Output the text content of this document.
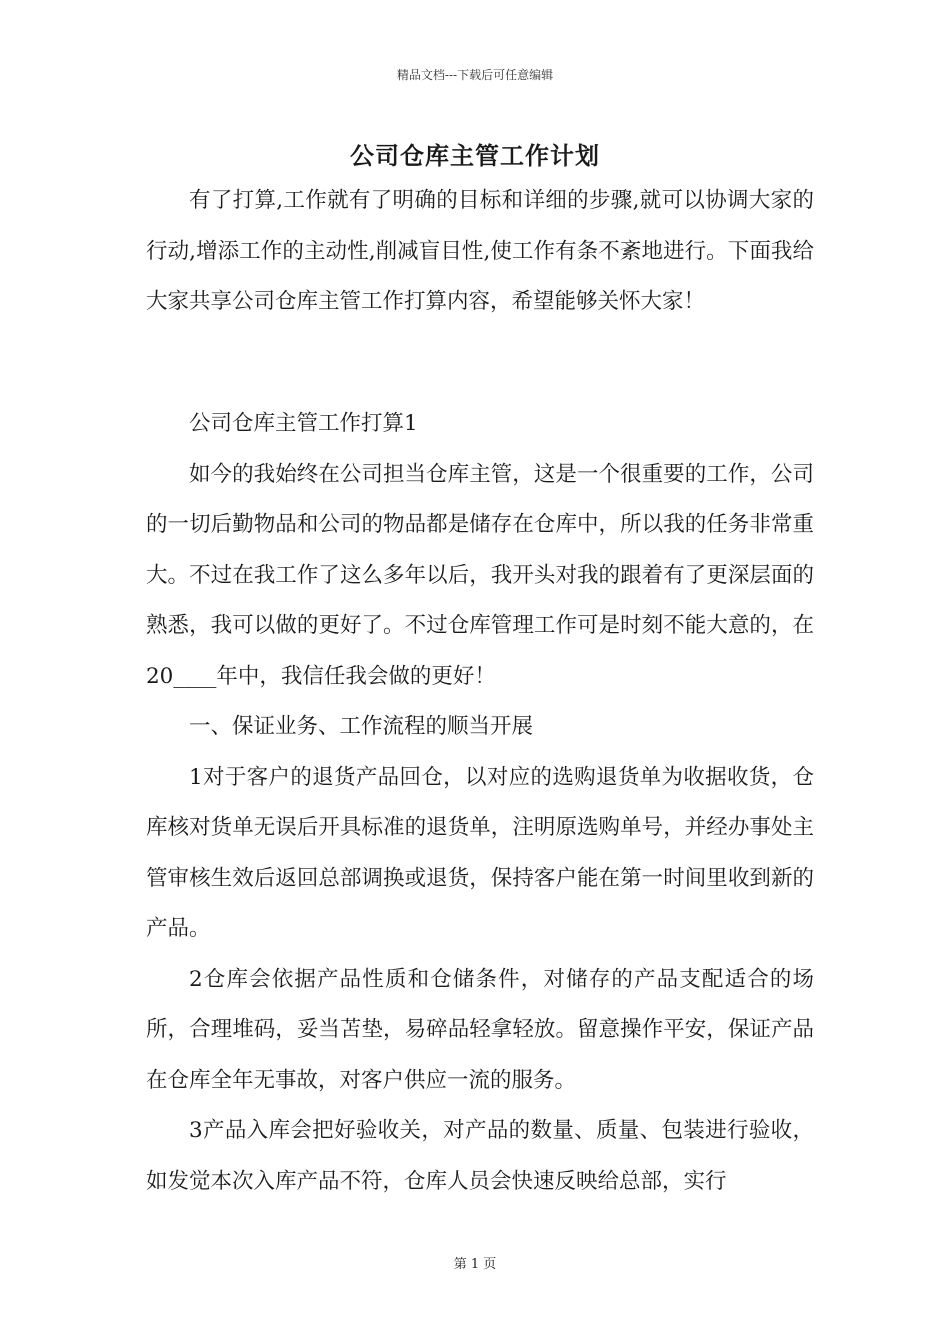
精品文档---下载后可任意编辑
公司仓库主管工作计划

有了打算,工作就有了明确的目标和详细的步骤,就可以协调大家的行动,增添工作的主动性,削减盲目性,使工作有条不紊地进行。下面我给大家共享公司仓库主管工作打算内容，希望能够关怀大家！

公司仓库主管工作打算1

如今的我始终在公司担当仓库主管，这是一个很重要的工作，公司的一切后勤物品和公司的物品都是储存在仓库中，所以我的任务非常重大。不过在我工作了这么多年以后，我开头对我的跟着有了更深层面的熟悉，我可以做的更好了。不过仓库管理工作可是时刻不能大意的，在20____年中，我信任我会做的更好！

一、保证业务、工作流程的顺当开展

1对于客户的退货产品回仓，以对应的选购退货单为收据收货，仓库核对货单无误后开具标准的退货单，注明原选购单号，并经办事处主管审核生效后返回总部调换或退货，保持客户能在第一时间里收到新的产品。

2仓库会依据产品性质和仓储条件，对储存的产品支配适合的场所，合理堆码，妥当苫垫，易碎品轻拿轻放。留意操作平安，保证产品在仓库全年无事故，对客户供应一流的服务。

3产品入库会把好验收关，对产品的数量、质量、包装进行验收，如发觉本次入库产品不符，仓库人员会快速反映给总部，实行

第 1 页
